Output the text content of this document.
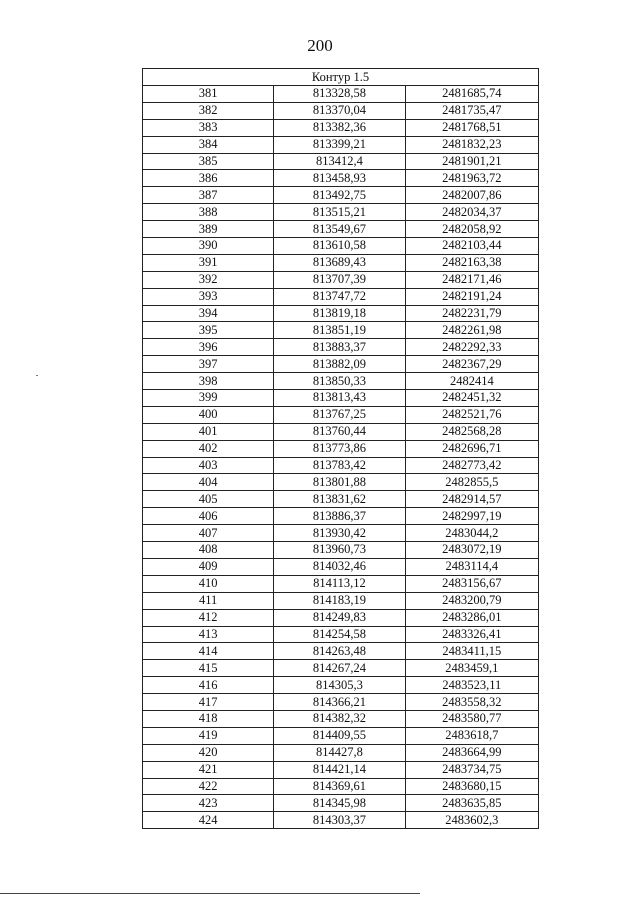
200
Контур 1.5		
381	813328,58	2481685,74
382	813370,04	2481735,47
383	813382,36	2481768,51
384	813399,21	2481832,23
385	813412,4	2481901,21
386	813458,93	2481963,72
387	813492,75	2482007,86
388	813515,21	2482034,37
389	813549,67	2482058,92
390	813610,58	2482103,44
391	813689,43	2482163,38
392	813707,39	2482171,46
393	813747,72	2482191,24
394	813819,18	2482231,79
395	813851,19	2482261,98
396	813883,37	2482292,33
397	813882,09	2482367,29
398	813850,33	2482414
399	813813,43	2482451,32
400	813767,25	2482521,76
401	813760,44	2482568,28
402	813773,86	2482696,71
403	813783,42	2482773,42
404	813801,88	2482855,5
405	813831,62	2482914,57
406	813886,37	2482997,19
407	813930,42	2483044,2
408	813960,73	2483072,19
409	814032,46	2483114,4
410	814113,12	2483156,67
411	814183,19	2483200,79
412	814249,83	2483286,01
413	814254,58	2483326,41
414	814263,48	2483411,15
415	814267,24	2483459,1
416	814305,3	2483523,11
417	814366,21	2483558,32
418	814382,32	2483580,77
419	814409,55	2483618,7
420	814427,8	2483664,99
421	814421,14	2483734,75
422	814369,61	2483680,15
423	814345,98	2483635,85
424	814303,37	2483602,3
